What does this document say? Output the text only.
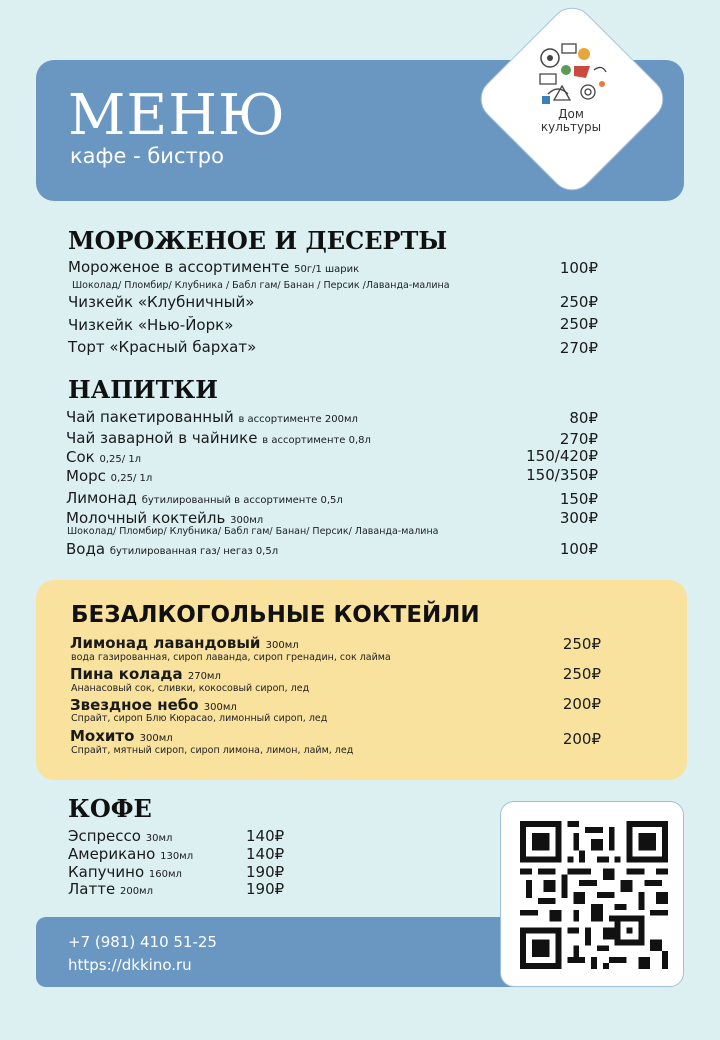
МЕНЮ
кафе - бистро
Дом
культуры
МОРОЖЕНОЕ И ДЕСЕРТЫ
Мороженое в ассортименте 50г/1 шарик	100₽
Шоколад/ Пломбир/ Клубника / Бабл гам/ Банан / Персик /Лаванда-малина
Чизкейк «Клубничный»	250₽
Чизкейк «Нью-Йорк»	250₽
Торт «Красный бархат»	270₽
НАПИТКИ
Чай пакетированный в ассортименте 200мл	80₽
Чай заварной в чайнике в ассортименте 0,8л	270₽
Сок 0,25/ 1л	150/420₽
Морс 0,25/ 1л	150/350₽
Лимонад бутилированный в ассортименте 0,5л	150₽
Молочный коктейль 300мл	300₽
Шоколад/ Пломбир/ Клубника/ Бабл гам/ Банан/ Персик/ Лаванда-малина
Вода бутилированная газ/ негаз 0,5л	100₽
БЕЗАЛКОГОЛЬНЫЕ КОКТЕЙЛИ
Лимонад лавандовый 300мл	250₽
вода газированная, сироп лаванда, сироп гренадин, сок лайма
Пина колада 270мл	250₽
Ананасовый сок, сливки, кокосовый сироп, лед
Звездное небо 300мл	200₽
Спрайт, сироп Блю Кюрасао, лимонный сироп, лед
Мохито 300мл	200₽
Спрайт, мятный сироп, сироп лимона, лимон, лайм, лед
КОФЕ
Эспрессо 30мл	140₽
Американо 130мл	140₽
Капучино 160мл	190₽
Латте 200мл	190₽
+7 (981) 410 51-25
https://dkkino.ru
